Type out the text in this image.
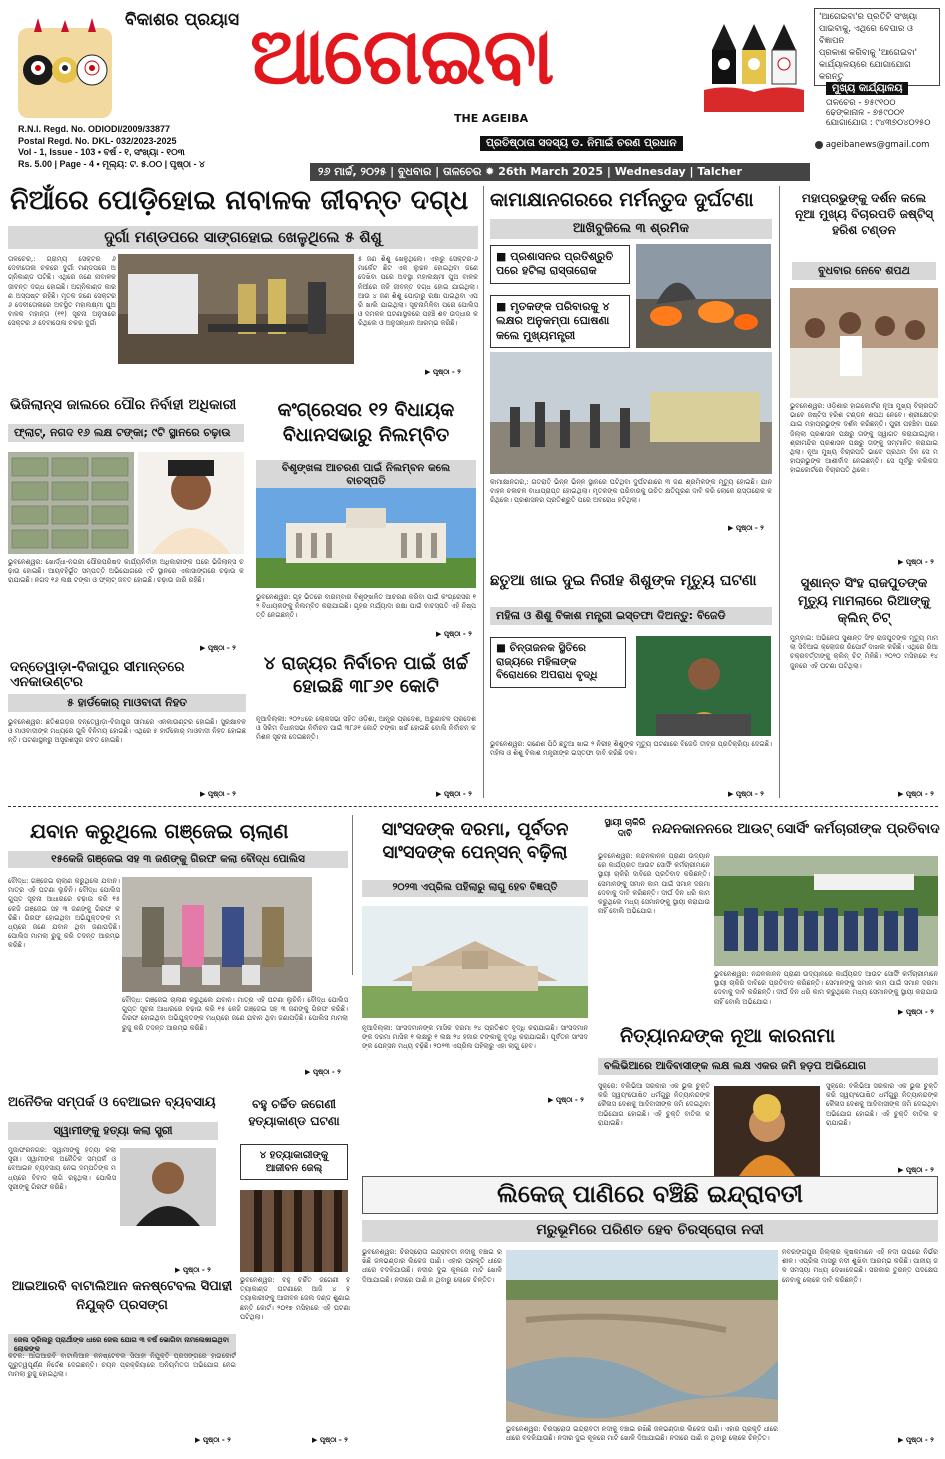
ବିକାଶର ପ୍ରୟାସ ଆଗେଇବା
THE AGEIBA
R.N.I. Regd. No. ODIODI/2009/33877
Postal Regd. No. DKL- 032/2023-2025
Vol - 1, Issue - 103 • ବର୍ଷ - ୧, ସଂଖ୍ୟା - ୧୦୩
Rs. 5.00 | Page - 4 • ମୂଲ୍ୟ: ଟ. ୫.୦୦ | ପୃଷ୍ଠା - ୪
ପ୍ରତିଷ୍ଠାତା ସଦସ୍ୟ ଡ. ନିମାଇଁ ଚରଣ ପ୍ରଧାନ
'ଆଗେଇବା'ର ପ୍ରତିଟି ସଂଖ୍ୟା
ପାଇବାକୁ, ଏଥିରେ ବେପାର ଓ ବିଜ୍ଞାପନ
ପ୍ରକାଶ କରିବାକୁ 'ଆଗେଇବା'
କାର୍ଯ୍ୟାଳୟରେ ଯୋଗାଯୋଗ କରନ୍ତୁ
ମୁଖ୍ୟ କାର୍ଯ୍ୟାଳୟ
ତାଳଚେର - ୭୫୯୧୦୦
ଢେଙ୍କାନାଳ - ୭୫୯୦୦୧
ଯୋଗାଯୋଗ : ୯୪୩୭୦୪୦୨୫୦
ageibanews@gmail.com
୨୬ ମାର୍ଚ୍ଚ, ୨୦୨୫ | ବୁଧବାର | ତାଳଚେର ✹ 26th March 2025 | Wednesday | Talcher
ନିଆଁରେ ପୋଡ଼ିହୋଇ ନାବାଳକ ଜୀବନ୍ତ ଦଗ୍ଧ
ଦୁର୍ଗା ମଣ୍ଡପରେ ସାଙ୍ଗହୋଇ ଖେଳୁଥିଲେ ୫ ଶିଶୁ
ତାଳଚେର,: ଗ୍ରାମ୍ୟ ସେକ୍ଟର ୬ ଦେବୀତୋଳା ଚକରେ ଦୁର୍ଗା ମଣ୍ଡପରେ ଅଗ୍ନିକାଣ୍ଡ ଘଟିଛି। ଏଥିରେ ଜଣେ ନାବାଳକ ଜୀବନ୍ତ ଦଗ୍ଧ ହୋଇଛି। ଅଗ୍ନିକାଣ୍ଡ କାରଣ ଅସ୍ପଷ୍ଟ ରହିଛି। ମୃତକ ଜଣେ ସେକ୍ଟର ୬ ଦେବୀତୋଳାରେ ଅବସ୍ଥିତ ମହାଲକ୍ଷ୍ମୀ ପୁଅ ବାଳକ ମହାନ୍ତା (୧୧) ସୂଚନା ଅନୁସାରେ ସେକ୍ଟର ୬ ଦେବୀତୋଳା ଚକର ଦୁର୍ଗା
୫ ଜଣ ଶିଶୁ ଖେଳୁଥିଲେ। ଏହାରୁ ସେକ୍ଟର-୬ ମାର୍କେଟ ଛିଟ ଏକ ଲୁଚ୍ଚନ ହୋଇଥିବା ଜଣେ ଦେଖିବା ପରେ ଅବସ୍ଥା ମହାଲକ୍ଷ୍ମୀ ପୁଅ ବାଳକ ନିଆଁରେ ଜଳି ଜୀବନ୍ତ ଦଗ୍ଧ ହୋଇ ଯାଇଥିଲା। ଆଉ ୪ ଜଣ ଶିଶୁ ପୋଡ଼ାରୁ ରକ୍ଷା ପାଇଥିବା ଏପରି ଖାଲି ଯାଇଥିଲା। ସୂଚନାମିଳିବା ପରେ ପୋଲିସ ଓ ଦମକଳ ଘଟଣାସ୍ଥଳରେ ପହଞ୍ଚି ଶବ ଉଦ୍ଧାର କରିଥିଲେ ଓ ଅନୁସନ୍ଧାନ ଆରମ୍ଭ କରିଛି।
▶ ପୃଷ୍ଠା - ୨
କାମାକ୍ଷାନଗରରେ ମର୍ମନ୍ତୁଦ ଦୁର୍ଘଟଣା
ଆଖିବୁଜିଲେ ୩ ଶ୍ରମିକ
■ ପ୍ରଶାସନର ପ୍ରତିଶ୍ରୁତି ପରେ ହଟିଲା ରାସ୍ତାରୋକ
■ ମୃତକଙ୍କ ପରିବାରକୁ ୪ ଲକ୍ଷର ଅନୁକମ୍ପା ଘୋଷଣା କଲେ ମୁଖ୍ୟମନ୍ତ୍ରୀ
କାମାକ୍ଷାନଗର,: ଗତରାତି ଭିନ୍ନ ଭିନ୍ନ ସ୍ଥାନରେ ଘଟିଥିବା ଦୁର୍ଘଟଣାରେ ୩ ଜଣ ଶ୍ରମିକଙ୍କ ମୃତ୍ୟୁ ହୋଇଛି। ଯାନବାହନ ଚଳାଚଳ ବାଧାପ୍ରାପ୍ତ ହୋଇଥିଲା। ମୃତକଙ୍କ ପରିବାରକୁ ଉଚିତ କ୍ଷତିପୂରଣ ଦାବି କରି ଲୋକେ ରାସ୍ତାରୋକ କରିଥିଲେ। ପ୍ରଶାସନର ପ୍ରତିଶ୍ରୁତି ପରେ ଅବରୋଧ ହଟିଥିଲା।
▶ ପୃଷ୍ଠା - ୨
ମହାପ୍ରଭୁଙ୍କୁ ଦର୍ଶନ କଲେ ନୂଆ ମୁଖ୍ୟ ବିଚାରପତି ଜଷ୍ଟିସ୍ ହରିଶ ଟଣ୍ଡନ
ବୁଧବାର ନେବେ ଶପଥ
ଭୁବନେଶ୍ୱର: ଓଡ଼ିଶାର ହାଇକୋର୍ଟର ନୂଆ ମୁଖ୍ୟ ବିଚାରପତି ଭାବେ ଜଷ୍ଟିସ ହରିଶ ଟଣ୍ଡନ ଶପଥ ନେବେ। ଶ୍ରୀକ୍ଷେତ୍ର ଯାଇ ମହାପ୍ରଭୁଙ୍କ ଦର୍ଶନ କରିଛନ୍ତି। ପୁରୀ ପହଞ୍ଚିବା ପରେ ଜିଲ୍ଲା ପ୍ରଶାସନ ପକ୍ଷରୁ ତାଙ୍କୁ ସ୍ୱାଗତ କରାଯାଇଥିଲା। ଶ୍ରୀମନ୍ଦିର ପ୍ରଶାସନ ପକ୍ଷରୁ ତାଙ୍କୁ ସମ୍ମାନିତ କରାଯାଇଥିଲା। ନୂଆ ମୁଖ୍ୟ ବିଚାରପତି ଭାବେ ପ୍ରଥମ ଦିନ ସେ ମହାପ୍ରଭୁଙ୍କ ଆଶୀର୍ବାଦ ନେଇଛନ୍ତି। ସେ ପୂର୍ବରୁ କଲିକତା ହାଇକୋର୍ଟରେ ବିଚାରପତି ଥିଲେ।
▶ ପୃଷ୍ଠା - ୨
ଭିଜିଲାନ୍ସ ଜାଲରେ ପୌର ନିର୍ବାହୀ ଅଧିକାରୀ
ଫ୍ଲାଟ୍, ନଗଦ ୧୬ ଲକ୍ଷ ଟଙ୍କା; ୯ଟି ସ୍ଥାନରେ ଚଢ଼ାଉ
ଭୁବନେଶ୍ୱର: ଖୋର୍ଦ୍ଧା-ନଗରୀ ପୌରପରିଷଦ କାର୍ଯ୍ୟନିର୍ବାହୀ ଅଧିକାରୀଙ୍କ ଘରେ ଭିଜିଲାନ୍ସ ଚଢ଼ାଉ ହୋଇଛି। ଆୟବହିର୍ଭୂତ ସମ୍ପତ୍ତି ଅଭିଯୋଗରେ ୯ଟି ସ୍ଥାନରେ ଏକାସାଙ୍ଗରେ ଚଢ଼ାଉ କରାଯାଇଛି। ନଗଦ ୧୬ ଲକ୍ଷ ଟଙ୍କା ଓ ଫ୍ଲାଟ୍ ଜବତ ହୋଇଛି। ଚଢ଼ାଉ ଜାରି ରହିଛି।
▶ ପୃଷ୍ଠା - ୨
କଂଗ୍ରେସର ୧୨ ବିଧାୟକ ବିଧାନସଭାରୁ ନିଲମ୍ବିତ
ବିଶୃଙ୍ଖଳା ଆଚରଣ ପାଇଁ ନିଲମ୍ବନ କଲେ ବାଚସ୍ପତି
ଭୁବନେଶ୍ୱର: ଗୃହ ଭିତରେ ବାରମ୍ବାର ବିଶୃଙ୍ଖଳିତ ଆଚରଣ କରିବା ପାଇଁ କଂଗ୍ରେସର ୧୨ ବିଧାୟକଙ୍କୁ ନିଲମ୍ବିତ କରାଯାଇଛି। ଗୃହର ମର୍ଯ୍ୟାଦା ରକ୍ଷା ପାଇଁ ବାଚସ୍ପତି ଏହି ନିଷ୍ପତ୍ତି ନେଇଛନ୍ତି।
▶ ପୃଷ୍ଠା - ୨
ଦନ୍ତେୱାଡ଼ା-ବିଜାପୁର ସୀମାନ୍ତରେ ଏନକାଉଣ୍ଟର
୫ ହାର୍ଡକୋର୍ ମାଓବାଦୀ ନିହତ
ଭୁବନେଶ୍ୱର: ଛତିଶଗଡ଼ର ଦନ୍ତେୱାଡ଼ା-ବିଜାପୁର ସୀମାରେ ଏନକାଉଣ୍ଟର ହୋଇଛି। ସୁରକ୍ଷାବଳ ଓ ମାଓବାଦୀଙ୍କ ମଧ୍ୟରେ ଗୁଳି ବିନିମୟ ହୋଇଛି। ଏଥିରେ ୫ ହାର୍ଡକୋର୍ ମାଓବାଦୀ ନିହତ ହୋଇଛନ୍ତି। ଘଟଣାସ୍ଥଳରୁ ଅସ୍ତ୍ରଶସ୍ତ୍ର ଜବତ ହୋଇଛି।
▶ ପୃଷ୍ଠା - ୨
୪ ରାଜ୍ୟର ନିର୍ବାଚନ ପାଇଁ ଖର୍ଚ୍ଚ ହୋଇଛି ୩୮୬୧ କୋଟି
ନୂଆଦିଲ୍ଲୀ: ୨୦୨୪ରେ ଲୋକସଭା ସହିତ ଓଡ଼ିଶା, ଆନ୍ଧ୍ର ପ୍ରଦେଶ, ଅରୁଣାଚଳ ପ୍ରଦେଶ ଓ ସିକିମ ବିଧାନସଭା ନିର୍ବାଚନ ପାଇଁ ୩୮୬୧ କୋଟି ଟଙ୍କା ଖର୍ଚ୍ଚ ହୋଇଛି ବୋଲି ନିର୍ବାଚନ କମିଶନ ସୂଚନା ଦେଇଛନ୍ତି।
▶ ପୃଷ୍ଠା - ୨
ଛତୁଆ ଖାଇ ଦୁଇ ନିରୀହ ଶିଶୁଙ୍କ ମୃତ୍ୟୁ ଘଟଣା
ମହିଳା ଓ ଶିଶୁ ବିକାଶ ମନ୍ତ୍ରୀ ଇସ୍ତଫା ଦିଅନ୍ତୁ: ବିଜେଡି
■ ଚିନ୍ତାଜନକ ସ୍ଥିତିରେ ରାଜ୍ୟରେ ମହିଳାଙ୍କ ବିରୋଧରେ ଅପରାଧ ବୃଦ୍ଧି
ଭୁବନେଶ୍ୱର: ଗଣେଶ ପିଠି ଛତୁଆ ଖାଇ ୨ ନିରୀହ ଶିଶୁଙ୍କ ମୃତ୍ୟୁ ଘଟଣାରେ ବିଜେଡି ତୀବ୍ର ପ୍ରତିକ୍ରିୟା ଦେଇଛି। ମହିଳା ଓ ଶିଶୁ ବିକାଶ ମନ୍ତ୍ରୀଙ୍କ ଇସ୍ତଫା ଦାବି କରିଛି ଦଳ।
▶ ପୃଷ୍ଠା - ୨
ସୁଶାନ୍ତ ସିଂହ ରାଜପୁତଙ୍କ ମୃତ୍ୟୁ ମାମଲାରେ ରିଆଙ୍କୁ କ୍ଲିନ୍ ଚିଟ୍
ମୁମ୍ବାଇ: ଅଭିନେତା ସୁଶାନ୍ତ ସିଂହ ରାଜପୁତଙ୍କ ମୃତ୍ୟୁ ମାମଲା ସିବିଆଇ କ୍ଲୋଜର ରିପୋର୍ଟ ଦାଖଲ କରିଛି। ଏଥିରେ ରିଆ ଚକ୍ରବର୍ତ୍ତୀଙ୍କୁ କ୍ଲିନ୍ ଚିଟ୍ ମିଳିଛି। ୨୦୨୦ ମସିହାରେ ୧୪ ଜୁନରେ ଏହି ଘଟଣା ଘଟିଥିଲା।
▶ ପୃଷ୍ଠା - ୨
ଯବାନ କରୁଥିଲେ ଗଞ୍ଜେଇ ଚାଲାଣ
୧୫କେଜି ଗଞ୍ଜେଇ ସହ ୩ ଜଣଙ୍କୁ ଗିରଫ କଲା ବୌଦ୍ଧ ପୋଲିସ
ବୌଦ୍ଧ: ଗଞ୍ଜେଇ ଚାଲାଣ କରୁଥିଲେ ଯବାନ। ମାତ୍ର ଏହି ଘଟଣା ଲୁଚିନି। ବୌଦ୍ଧ ପୋଲିସ ଗୁପ୍ତ ସୂଚନା ଆଧାରରେ ଚଢ଼ାଉ କରି ୧୫ କେଜି ଗଞ୍ଜେଇ ସହ ୩ ଜଣଙ୍କୁ ଗିରଫ କରିଛି। ଗିରଫ ହୋଇଥିବା ଅଭିଯୁକ୍ତଙ୍କ ମଧ୍ୟରେ ଜଣେ ଯବାନ ଥିବା ଜଣାପଡ଼ିଛି। ପୋଲିସ ମାମଲା ରୁଜୁ କରି ତଦନ୍ତ ଆରମ୍ଭ କରିଛି।
ବୌଦ୍ଧ: ଗଞ୍ଜେଇ ଚାଲାଣ କରୁଥିଲେ ଯବାନ। ମାତ୍ର ଏହି ଘଟଣା ଲୁଚିନି। ବୌଦ୍ଧ ପୋଲିସ ଗୁପ୍ତ ସୂଚନା ଆଧାରରେ ଚଢ଼ାଉ କରି ୧୫ କେଜି ଗଞ୍ଜେଇ ସହ ୩ ଜଣଙ୍କୁ ଗିରଫ କରିଛି। ଗିରଫ ହୋଇଥିବା ଅଭିଯୁକ୍ତଙ୍କ ମଧ୍ୟରେ ଜଣେ ଯବାନ ଥିବା ଜଣାପଡ଼ିଛି। ପୋଲିସ ମାମଲା ରୁଜୁ କରି ତଦନ୍ତ ଆରମ୍ଭ କରିଛି।
▶ ପୃଷ୍ଠା - ୨
ସାଂସଦଙ୍କ ଦରମା, ପୂର୍ବତନ ସାଂସଦଙ୍କ ପେନ୍ସନ୍ ବଢ଼ିଲା
୨୦୨୩ ଏପ୍ରିଲ ପହିଲାରୁ ଲାଗୁ ହେବ ବିଜ୍ଞପ୍ତି
ନୂଆଦିଲ୍ଲୀ: ସାଂସଦମାନଙ୍କ ମାସିକ ଦରମା ୨୪ ପ୍ରତିଶତ ବୃଦ୍ଧି କରାଯାଇଛି। ସାଂସଦମାନଙ୍କ ଦରମା ମାସିକ ୧ ଲକ୍ଷରୁ ୧ ଲକ୍ଷ ୨୪ ହଜାର ଟଙ୍କାକୁ ବୃଦ୍ଧି କରାଯାଇଛି। ପୂର୍ବତନ ସାଂସଦଙ୍କ ପେନ୍ସନ ମଧ୍ୟ ବଢ଼ିଛି। ୨୦୨୩ ଏପ୍ରିଲ ପହିଲାରୁ ଏହା ଲାଗୁ ହେବ।
▶ ପୃଷ୍ଠା - ୨
ସ୍ଥାୟୀ ଚାକିରି ଦାବି	ନନ୍ଦନକାନନରେ ଆଉଟ୍ ସୋର୍ସିଂ କର୍ମଚାରୀଙ୍କ ପ୍ରତିବାଦ
ଭୁବନେଶ୍ୱର: ନନ୍ଦନକାନନ ପ୍ରାଣୀ ଉଦ୍ୟାନରେ କାର୍ଯ୍ୟରତ ଆଉଟ ସୋର୍ସିଂ କର୍ମଚାରୀମାନେ ସ୍ଥାୟୀ ଚାକିରି ଦାବିରେ ପ୍ରତିବାଦ କରିଛନ୍ତି। ସେମାନଙ୍କୁ ସମାନ କାମ ପାଇଁ ସମାନ ଦରମା ଦେବାକୁ ଦାବି କରିଛନ୍ତି। ଦୀର୍ଘ ଦିନ ଧରି କାମ କରୁଥିଲେ ମଧ୍ୟ ସେମାନଙ୍କୁ ସ୍ଥାୟୀ କରାଯାଉନାହିଁ ବୋଲି ଅଭିଯୋଗ।
ଭୁବନେଶ୍ୱର: ନନ୍ଦନକାନନ ପ୍ରାଣୀ ଉଦ୍ୟାନରେ କାର୍ଯ୍ୟରତ ଆଉଟ ସୋର୍ସିଂ କର୍ମଚାରୀମାନେ ସ୍ଥାୟୀ ଚାକିରି ଦାବିରେ ପ୍ରତିବାଦ କରିଛନ୍ତି। ସେମାନଙ୍କୁ ସମାନ କାମ ପାଇଁ ସମାନ ଦରମା ଦେବାକୁ ଦାବି କରିଛନ୍ତି। ଦୀର୍ଘ ଦିନ ଧରି କାମ କରୁଥିଲେ ମଧ୍ୟ ସେମାନଙ୍କୁ ସ୍ଥାୟୀ କରାଯାଉନାହିଁ ବୋଲି ଅଭିଯୋଗ।
▶ ପୃଷ୍ଠା - ୨
ନିତ୍ୟାନନ୍ଦଙ୍କ ନୂଆ କାରନାମା
ବଲିଭିଆରେ ଆଦିବାସୀଙ୍କ ଲକ୍ଷ ଲକ୍ଷ ଏକର ଜମି ହଡ଼ପ ଅଭିଯୋଗ
ସୁକ୍ରେ: ବଲିଭିଆ ସରକାର ଏକ ଭୁଲ ଚୁକ୍ତି କରି ସ୍ୱୟଂଘୋଷିତ ଧର୍ମଗୁରୁ ନିତ୍ୟାନନ୍ଦଙ୍କ କୈଳାସ ଦେଶକୁ ଆଦିବାସୀଙ୍କ ଜମି ଦେଇଥିବା ଅଭିଯୋଗ ହୋଇଛି। ଏହି ଚୁକ୍ତି ବାତିଲ କରାଯାଇଛି।
ସୁକ୍ରେ: ବଲିଭିଆ ସରକାର ଏକ ଭୁଲ ଚୁକ୍ତି କରି ସ୍ୱୟଂଘୋଷିତ ଧର୍ମଗୁରୁ ନିତ୍ୟାନନ୍ଦଙ୍କ କୈଳାସ ଦେଶକୁ ଆଦିବାସୀଙ୍କ ଜମି ଦେଇଥିବା ଅଭିଯୋଗ ହୋଇଛି। ଏହି ଚୁକ୍ତି ବାତିଲ କରାଯାଇଛି।
▶ ପୃଷ୍ଠା - ୨
ଅନୈତିକ ସମ୍ପର୍କ ଓ ବେଆଇନ ବ୍ୟବସାୟ
ସ୍ୱାମୀଙ୍କୁ ହତ୍ୟା କଲା ସ୍ତ୍ରୀ
ମୁଜାଫରନଗର: ସ୍ୱାମୀଙ୍କୁ ହତ୍ୟା କଲା ସ୍ତ୍ରୀ। ସ୍ୱାମୀଙ୍କ ଅନୈତିକ ସମ୍ପର୍କ ଓ ବେଆଇନ ବ୍ୟବସାୟ ନେଇ ଦମ୍ପତିଙ୍କ ମଧ୍ୟରେ ବିବାଦ ଲାଗି ରହୁଥିଲା। ପୋଲିସ ସ୍ତ୍ରୀଙ୍କୁ ଗିରଫ କରିଛି।
▶ ପୃଷ୍ଠା - ୨
ବହୁ ଚର୍ଚ୍ଚିତ ଜଗେଣୀ ହତ୍ୟାକାଣ୍ଡ ଘଟଣା
୪ ହତ୍ୟାକାରୀଙ୍କୁ ଆଜୀବନ ଜେଲ୍
ଭୁବନେଶ୍ୱର: ବହୁ ଚର୍ଚ୍ଚିତ ଜଗେଣୀ ହତ୍ୟାକାଣ୍ଡ ଘଟଣାରେ ଆଜି ୪ ହତ୍ୟାକାରୀଙ୍କୁ ଆଜୀବନ ଜେଲ ଦଣ୍ଡ ଶୁଣାଇଛନ୍ତି କୋର୍ଟ। ୨୦୧୭ ମସିହାରେ ଏହି ଘଟଣା ଘଟିଥିଲା।
▶ ପୃଷ୍ଠା - ୨
ଆଇଆରବି ବାଟାଲିଆନ କନଷ୍ଟେବଲ ସିପାହୀ ନିଯୁକ୍ତି ପ୍ରସଙ୍ଗ
ଜେଲ ଡ୍ରିଲରୁ ପ୍ରାର୍ଥୀଙ୍କ ଧାରେ ଜେଲ ଯୋଗ ୩ ବର୍ଷ ଭୋଗିବା ନାମଲେଖାଇଥିବା ଲୋକଙ୍କ
କଟକ: ଆଇଆରବି ବାଟାଲିଆନ କନଷ୍ଟେବଲ ସିପାହୀ ନିଯୁକ୍ତି ପ୍ରସଙ୍ଗରେ ହାଇକୋର୍ଟ ଗୁରୁତ୍ୱପୂର୍ଣ୍ଣ ନିର୍ଦ୍ଦେଶ ଦେଇଛନ୍ତି। ଚୟନ ପ୍ରକ୍ରିୟାରେ ଅନିୟମିତତା ଅଭିଯୋଗ ନେଇ ମାମଲା ରୁଜୁ ହୋଇଥିଲା।
▶ ପୃଷ୍ଠା - ୨
ଲିକେଜ୍ ପାଣିରେ ବଞ୍ଚିଛି ଇନ୍ଦ୍ରାବତୀ
ମରୁଭୂମିରେ ପରିଣତ ହେବ ଚିରସ୍ରୋତା ନଦୀ
ଭୁବନେଶ୍ୱର: ଚିରସ୍ରୋତା ଇନ୍ଦ୍ରାବତୀ ନଦୀକୁ ବଞ୍ଚାଇ ରଖିଛି ଜଳଭଣ୍ଡାର ଲିକେଜ ପାଣି। ଏହାର ପ୍ରକୃତି ଧୀରେ ଧୀରେ ବଦଳିଯାଉଛି। ନଦୀର ଦୁଇ କୂଳରେ ମାଟି ଖୋଳି ଦିଆଯାଇଛି। ନଦୀରେ ପାଣି ନ ଥିବାରୁ ଲୋକେ ଚିନ୍ତିତ।
ଭୁବନେଶ୍ୱର: ଚିରସ୍ରୋତା ଇନ୍ଦ୍ରାବତୀ ନଦୀକୁ ବଞ୍ଚାଇ ରଖିଛି ଜଳଭଣ୍ଡାର ଲିକେଜ ପାଣି। ଏହାର ପ୍ରକୃତି ଧୀରେ ଧୀରେ ବଦଳିଯାଉଛି। ନଦୀର ଦୁଇ କୂଳରେ ମାଟି ଖୋଳି ଦିଆଯାଇଛି। ନଦୀରେ ପାଣି ନ ଥିବାରୁ ଲୋକେ ଚିନ୍ତିତ।
ନବରଙ୍ଗପୁର ଜିଲ୍ଲାର କୃଷକମାନେ ଏହି ନଦୀ ଉପରେ ନିର୍ଭରଶୀଳ। ଏପ୍ରିଲ ମାସରୁ ନଦୀ ଶୁଖିବା ଆରମ୍ଭ କରିଛି। ପାନୀୟ ଜଳ ସମସ୍ୟା ମଧ୍ୟ ଦେଖାଦେଇଛି। ସରକାର ତୁରନ୍ତ ପଦକ୍ଷେପ ନେବାକୁ ଲୋକେ ଦାବି କରିଛନ୍ତି।
▶ ପୃଷ୍ଠା - ୨
